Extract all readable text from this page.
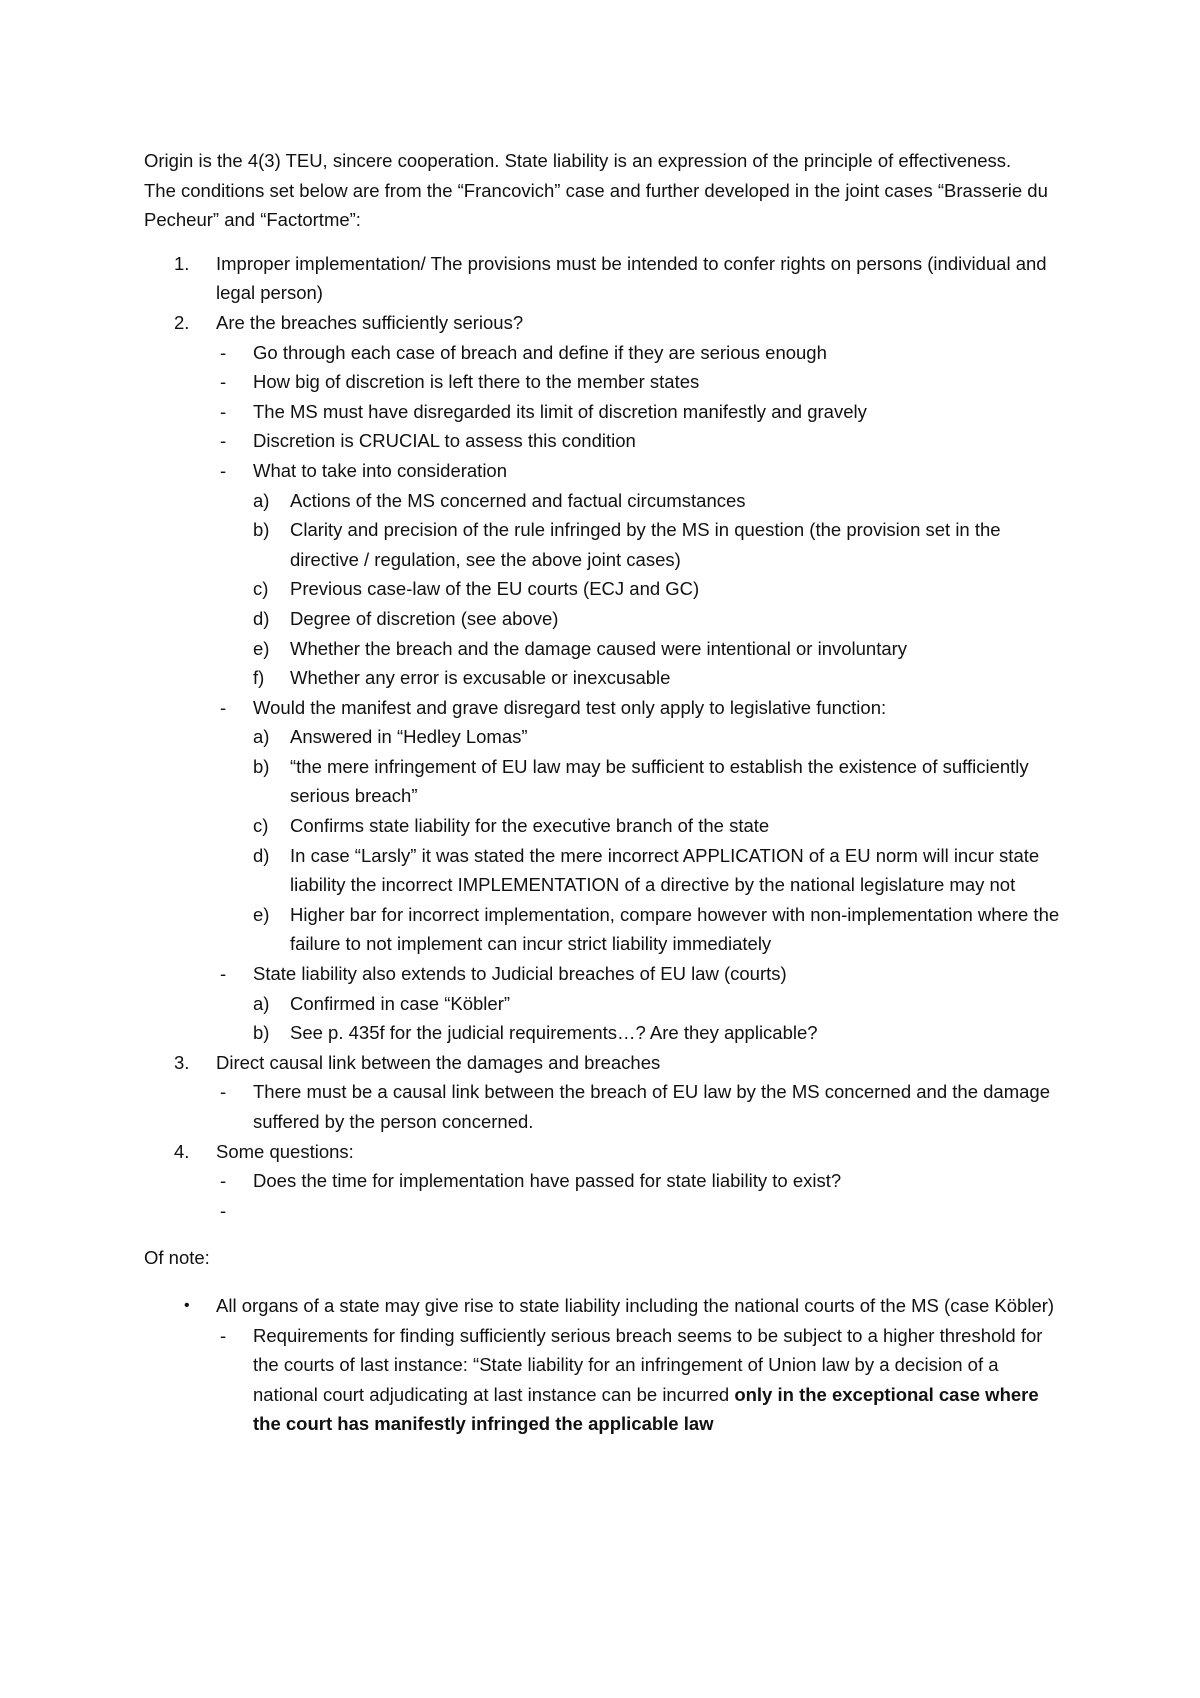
Origin is the 4(3) TEU, sincere cooperation. State liability is an expression of the principle of effectiveness.

The conditions set below are from the “Francovich” case and further developed in the joint cases “Brasserie du Pecheur” and “Factortme”:

1.	Improper implementation/ The provisions must be intended to confer rights on persons (individual and legal person)
2.	Are the breaches sufficiently serious?
-	Go through each case of breach and define if they are serious enough
-	How big of discretion is left there to the member states
-	The MS must have disregarded its limit of discretion manifestly and gravely
-	Discretion is CRUCIAL to assess this condition
-	What to take into consideration
a)	Actions of the MS concerned and factual circumstances
b)	Clarity and precision of the rule infringed by the MS in question (the provision set in the directive / regulation, see the above joint cases)
c)	Previous case-law of the EU courts (ECJ and GC)
d)	Degree of discretion (see above)
e)	Whether the breach and the damage caused were intentional or involuntary
f)	Whether any error is excusable or inexcusable
-	Would the manifest and grave disregard test only apply to legislative function:
a)	Answered in “Hedley Lomas”
b)	“the mere infringement of EU law may be sufficient to establish the existence of sufficiently serious breach”
c)	Confirms state liability for the executive branch of the state
d)	In case “Larsly” it was stated the mere incorrect APPLICATION of a EU norm will incur state liability the incorrect IMPLEMENTATION of a directive by the national legislature may not
e)	Higher bar for incorrect implementation, compare however with non-implementation where the failure to not implement can incur strict liability immediately
-	State liability also extends to Judicial breaches of EU law (courts)
a)	Confirmed in case “Köbler”
b)	See p. 435f for the judicial requirements…? Are they applicable?
3.	Direct causal link between the damages and breaches
-	There must be a causal link between the breach of EU law by the MS concerned and the damage suffered by the person concerned.
4.	Some questions:
-	Does the time for implementation have passed for state liability to exist?
-

Of note:

• All organs of a state may give rise to state liability including the national courts of the MS (case Köbler)
-	Requirements for finding sufficiently serious breach seems to be subject to a higher threshold for the courts of last instance: “State liability for an infringement of Union law by a decision of a national court adjudicating at last instance can be incurred only in the exceptional case where the court has manifestly infringed the applicable law
